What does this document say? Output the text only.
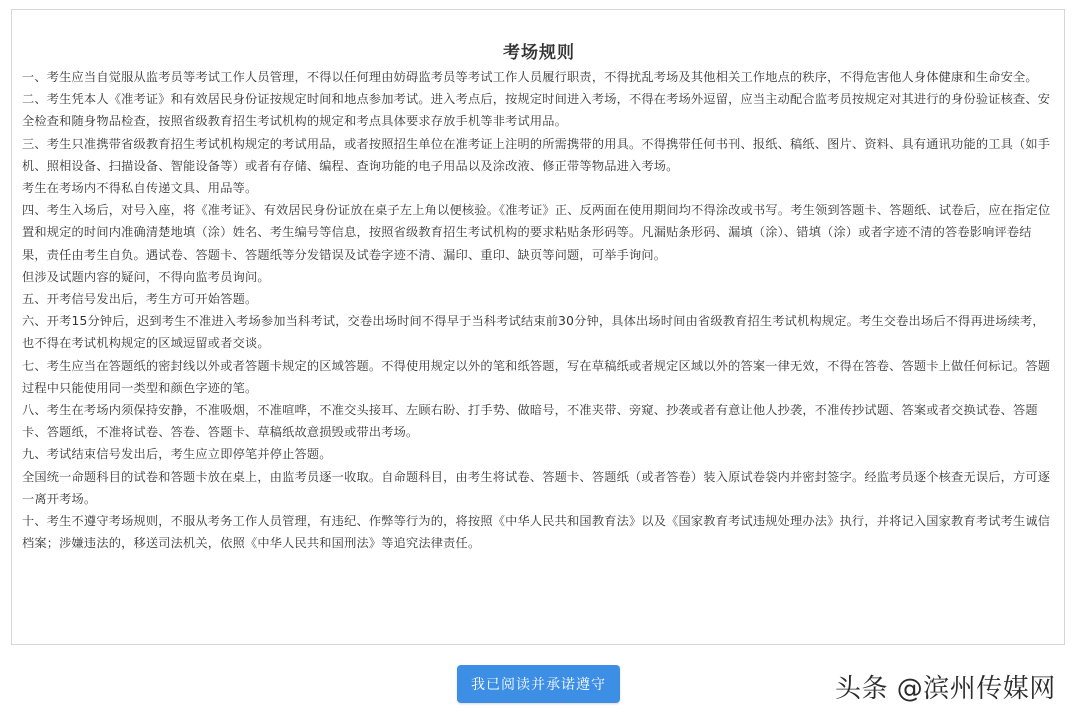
考场规则

一、考生应当自觉服从监考员等考试工作人员管理，不得以任何理由妨碍监考员等考试工作人员履行职责，不得扰乱考场及其他相关工作地点的秩序，不得危害他人身体健康和生命安全。

二、考生凭本人《准考证》和有效居民身份证按规定时间和地点参加考试。进入考点后，按规定时间进入考场，不得在考场外逗留，应当主动配合监考员按规定对其进行的身份验证核查、安全检查和随身物品检查，按照省级教育招生考试机构的规定和考点具体要求存放手机等非考试用品。

三、考生只准携带省级教育招生考试机构规定的考试用品，或者按照招生单位在准考证上注明的所需携带的用具。不得携带任何书刊、报纸、稿纸、图片、资料、具有通讯功能的工具（如手机、照相设备、扫描设备、智能设备等）或者有存储、编程、查询功能的电子用品以及涂改液、修正带等物品进入考场。

考生在考场内不得私自传递文具、用品等。

四、考生入场后，对号入座，将《准考证》、有效居民身份证放在桌子左上角以便核验。《准考证》正、反两面在使用期间均不得涂改或书写。考生领到答题卡、答题纸、试卷后，应在指定位置和规定的时间内准确清楚地填（涂）姓名、考生编号等信息，按照省级教育招生考试机构的要求粘贴条形码等。凡漏贴条形码、漏填（涂）、错填（涂）或者字迹不清的答卷影响评卷结果，责任由考生自负。遇试卷、答题卡、答题纸等分发错误及试卷字迹不清、漏印、重印、缺页等问题，可举手询问。

但涉及试题内容的疑问，不得向监考员询问。

五、开考信号发出后，考生方可开始答题。

六、开考15分钟后，迟到考生不准进入考场参加当科考试，交卷出场时间不得早于当科考试结束前30分钟，具体出场时间由省级教育招生考试机构规定。考生交卷出场后不得再进场续考，也不得在考试机构规定的区域逗留或者交谈。

七、考生应当在答题纸的密封线以外或者答题卡规定的区域答题。不得使用规定以外的笔和纸答题，写在草稿纸或者规定区域以外的答案一律无效，不得在答卷、答题卡上做任何标记。答题过程中只能使用同一类型和颜色字迹的笔。

八、考生在考场内须保持安静，不准吸烟，不准喧哗，不准交头接耳、左顾右盼、打手势、做暗号，不准夹带、旁窥、抄袭或者有意让他人抄袭，不准传抄试题、答案或者交换试卷、答题卡、答题纸，不准将试卷、答卷、答题卡、草稿纸故意损毁或带出考场。

九、考试结束信号发出后，考生应立即停笔并停止答题。

全国统一命题科目的试卷和答题卡放在桌上，由监考员逐一收取。自命题科目，由考生将试卷、答题卡、答题纸（或者答卷）装入原试卷袋内并密封签字。经监考员逐个核查无误后，方可逐一离开考场。

十、考生不遵守考场规则，不服从考务工作人员管理，有违纪、作弊等行为的，将按照《中华人民共和国教育法》以及《国家教育考试违规处理办法》执行，并将记入国家教育考试考生诚信档案；涉嫌违法的，移送司法机关，依照《中华人民共和国刑法》等追究法律责任。

我已阅读并承诺遵守	头条 @滨州传媒网
